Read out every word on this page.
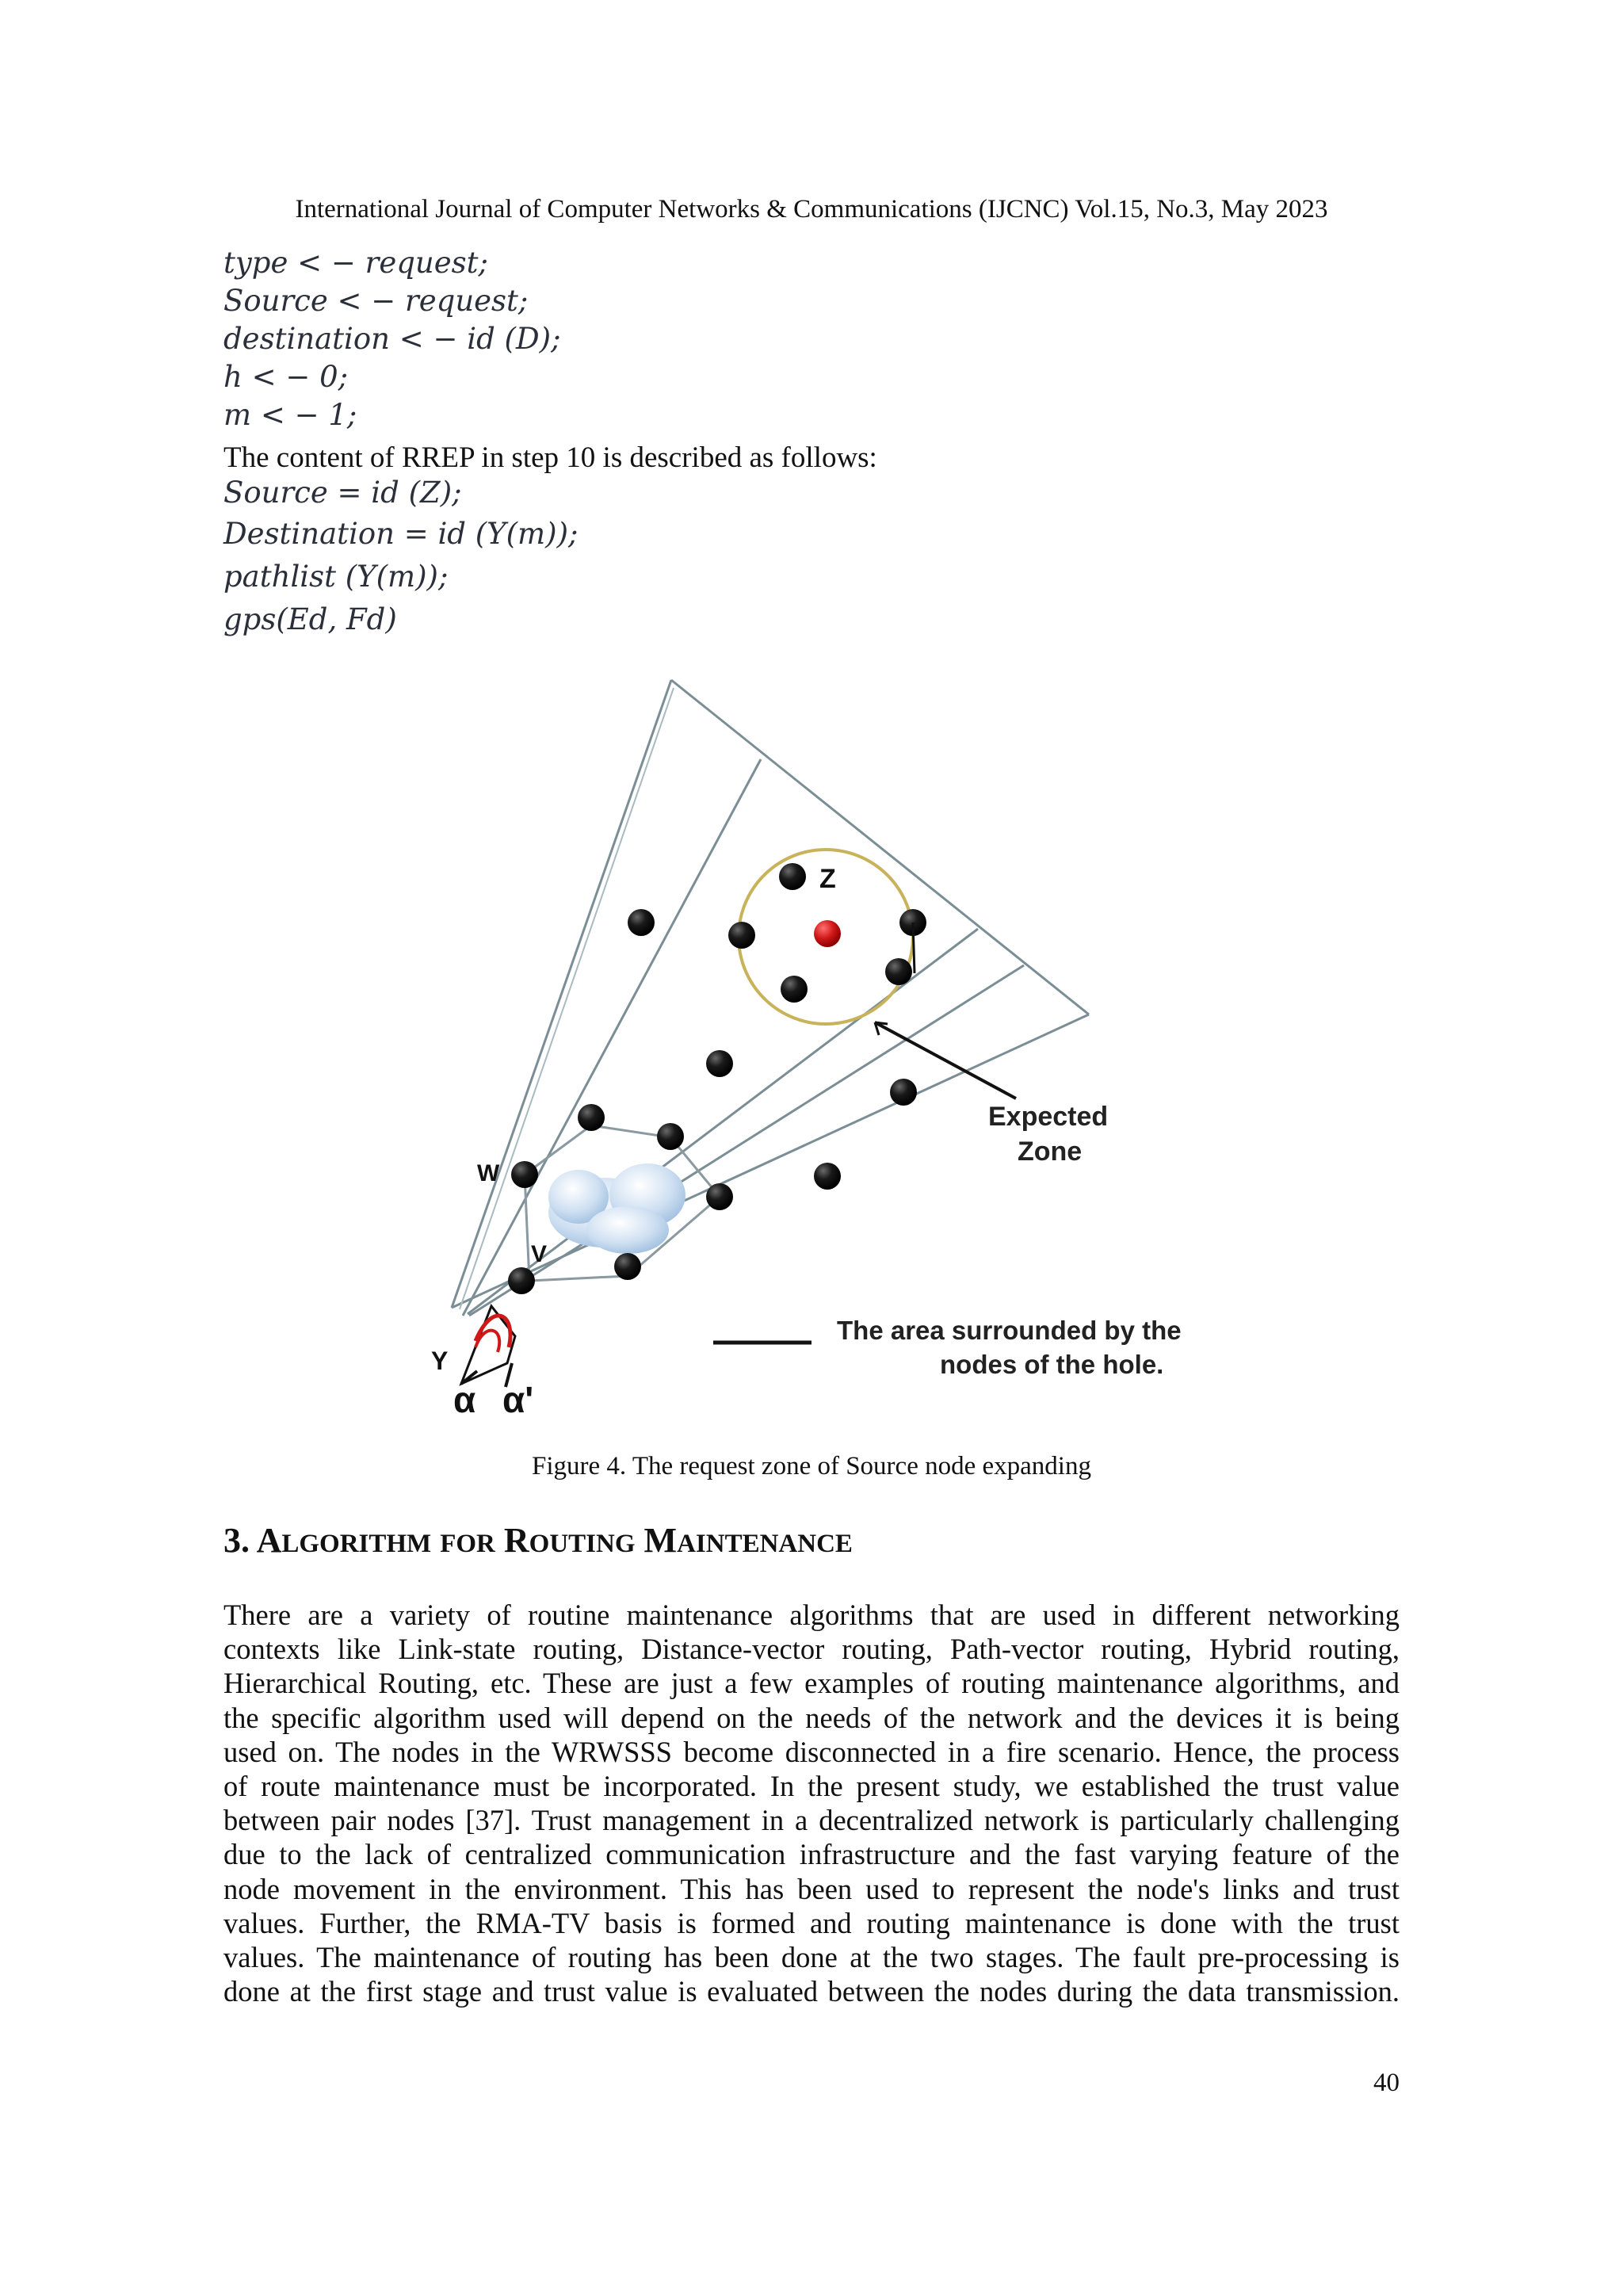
International Journal of Computer Networks & Communications (IJCNC) Vol.15, No.3, May 2023
type < − request;
Source < − request;
destination < − id (D);
h < − 0;
m < − 1;
The content of RREP in step 10 is described as follows:
Source = id (Z);
Destination = id (Y(m));
pathlist (Y(m));
gps(Ed, Fd)
Z
W
V
Y
α α'
Expected
Zone
The area surrounded by the
nodes of the hole.
Figure 4. The request zone of Source node expanding
3. ALGORITHM FOR ROUTING MAINTENANCE
There are a variety of routine maintenance algorithms that are used in different networking
contexts like Link-state routing, Distance-vector routing, Path-vector routing, Hybrid routing,
Hierarchical Routing, etc. These are just a few examples of routing maintenance algorithms, and
the specific algorithm used will depend on the needs of the network and the devices it is being
used on. The nodes in the WRWSSS become disconnected in a fire scenario. Hence, the process
of route maintenance must be incorporated. In the present study, we established the trust value
between pair nodes [37]. Trust management in a decentralized network is particularly challenging
due to the lack of centralized communication infrastructure and the fast varying feature of the
node movement in the environment. This has been used to represent the node's links and trust
values. Further, the RMA-TV basis is formed and routing maintenance is done with the trust
values. The maintenance of routing has been done at the two stages. The fault pre-processing is
done at the first stage and trust value is evaluated between the nodes during the data transmission.
40
